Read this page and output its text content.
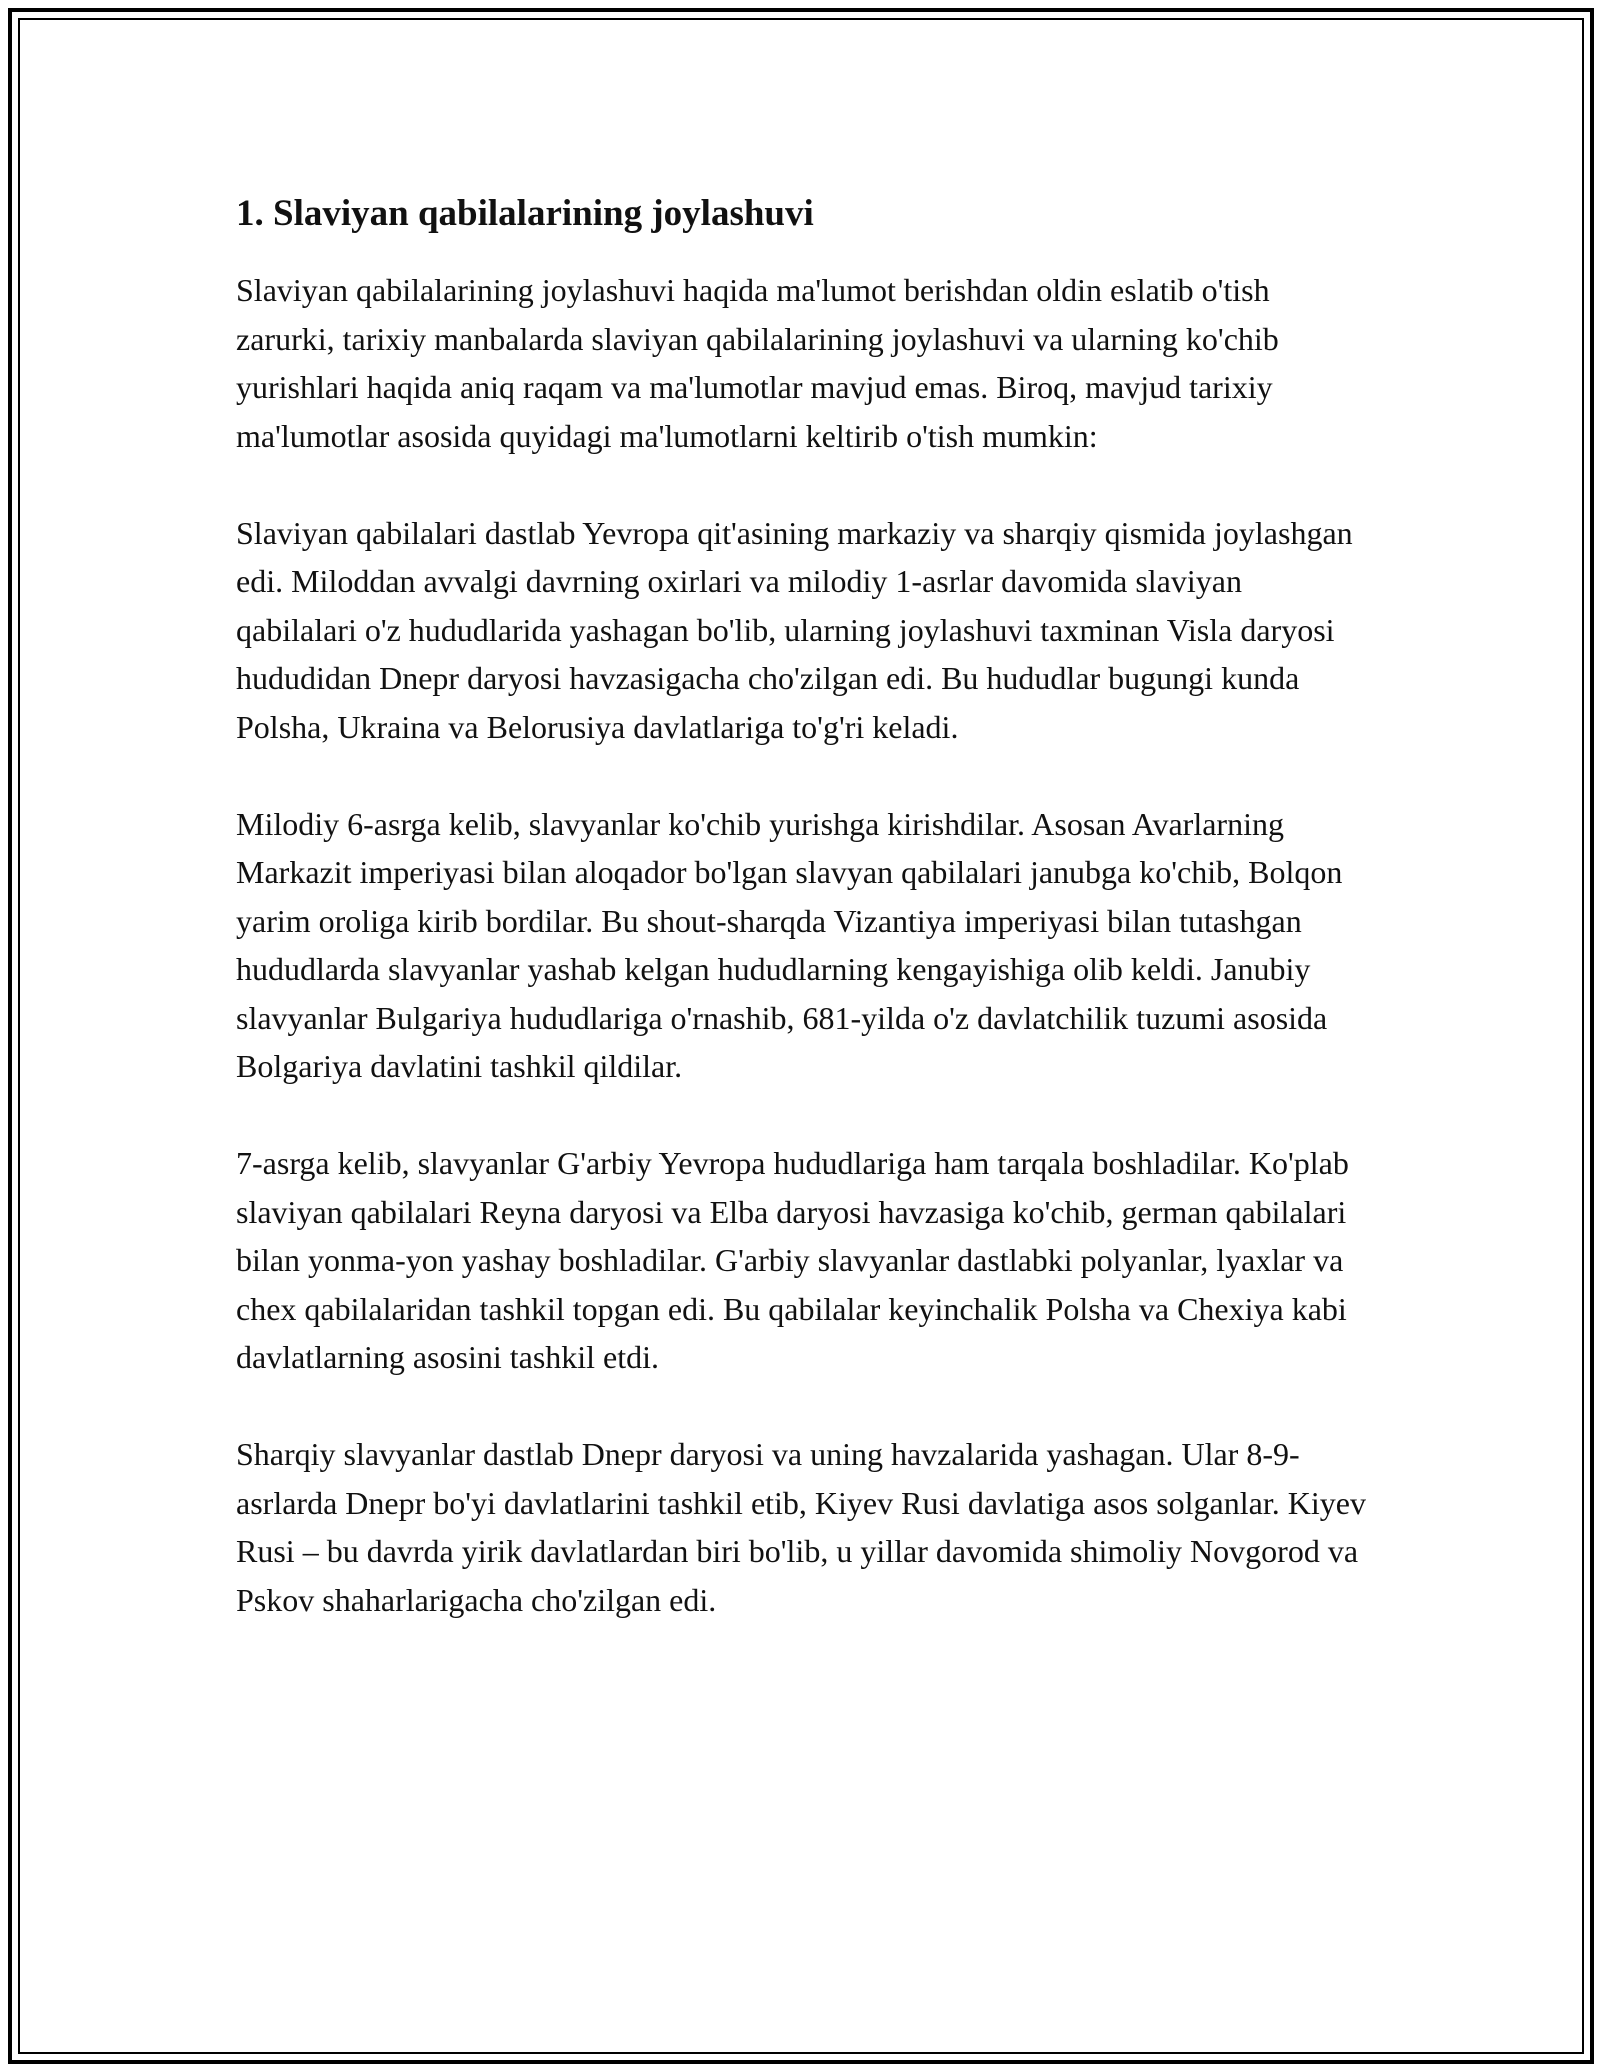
1. Slaviyan qabilalarining joylashuvi

Slaviyan qabilalarining joylashuvi haqida ma'lumot berishdan oldin eslatib o'tish zarurki, tarixiy manbalarda slaviyan qabilalarining joylashuvi va ularning ko'chib yurishlari haqida aniq raqam va ma'lumotlar mavjud emas. Biroq, mavjud tarixiy ma'lumotlar asosida quyidagi ma'lumotlarni keltirib o'tish mumkin:

Slaviyan qabilalari dastlab Yevropa qit'asining markaziy va sharqiy qismida joylashgan edi. Miloddan avvalgi davrning oxirlari va milodiy 1-asrlar davomida slaviyan qabilalari o'z hududlarida yashagan bo'lib, ularning joylashuvi taxminan Visla daryosi hududidan Dnepr daryosi havzasigacha cho'zilgan edi. Bu hududlar bugungi kunda Polsha, Ukraina va Belorusiya davlatlariga to'g'ri keladi.

Milodiy 6-asrga kelib, slavyanlar ko'chib yurishga kirishdilar. Asosan Avarlarning Markazit imperiyasi bilan aloqador bo'lgan slavyan qabilalari janubga ko'chib, Bolqon yarim oroliga kirib bordilar. Bu shout-sharqda Vizantiya imperiyasi bilan tutashgan hududlarda slavyanlar yashab kelgan hududlarning kengayishiga olib keldi. Janubiy slavyanlar Bulgariya hududlariga o'rnashib, 681-yilda o'z davlatchilik tuzumi asosida Bolgariya davlatini tashkil qildilar.

7-asrga kelib, slavyanlar G'arbiy Yevropa hududlariga ham tarqala boshladilar. Ko'plab slaviyan qabilalari Reyna daryosi va Elba daryosi havzasiga ko'chib, german qabilalari bilan yonma-yon yashay boshladilar. G'arbiy slavyanlar dastlabki polyanlar, lyaxlar va chex qabilalaridan tashkil topgan edi. Bu qabilalar keyinchalik Polsha va Chexiya kabi davlatlarning asosini tashkil etdi.

Sharqiy slavyanlar dastlab Dnepr daryosi va uning havzalarida yashagan. Ular 8-9-asrlarda Dnepr bo'yi davlatlarini tashkil etib, Kiyev Rusi davlatiga asos solganlar. Kiyev Rusi – bu davrda yirik davlatlardan biri bo'lib, u yillar davomida shimoliy Novgorod va Pskov shaharlarigacha cho'zilgan edi.
